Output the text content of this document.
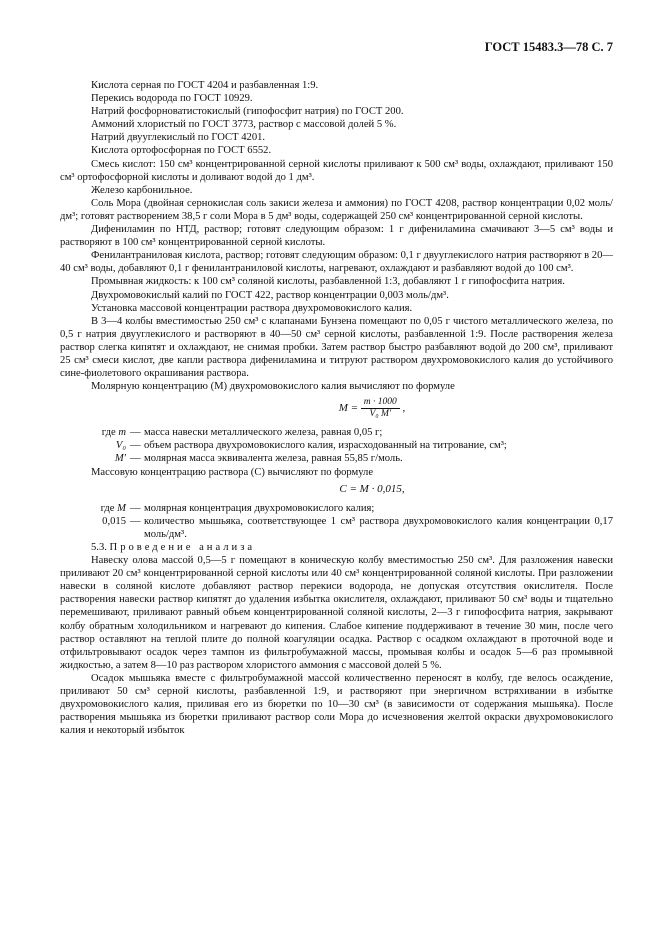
ГОСТ 15483.3—78 С. 7

Кислота серная по ГОСТ 4204 и разбавленная 1:9.

Перекись водорода по ГОСТ 10929.

Натрий фосфорноватистокислый (гипофосфит натрия) по ГОСТ 200.

Аммоний хлористый по ГОСТ 3773, раствор с массовой долей 5 %.

Натрий двууглекислый по ГОСТ 4201.

Кислота ортофосфорная по ГОСТ 6552.

Смесь кислот: 150 см³ концентрированной серной кислоты приливают к 500 см³ воды, охлаждают, приливают 150 см³ ортофосфорной кислоты и доливают водой до 1 дм³.

Железо карбонильное.

Соль Мора (двойная сернокислая соль закиси железа и аммония) по ГОСТ 4208, раствор концентрации 0,02 моль/дм³; готовят растворением 38,5 г соли Мора в 5 дм³ воды, содержащей 250 см³ концентрированной серной кислоты.

Дифениламин по НТД, раствор; готовят следующим образом: 1 г дифениламина смачивают 3—5 см³ воды и растворяют в 100 см³ концентрированной серной кислоты.

Фенилантраниловая кислота, раствор; готовят следующим образом: 0,1 г двууглекислого натрия растворяют в 20—40 см³ воды, добавляют 0,1 г фенилантраниловой кислоты, нагревают, охлаждают и разбавляют водой до 100 см³.

Промывная жидкость: к 100 см³ соляной кислоты, разбавленной 1:3, добавляют 1 г гипофосфита натрия.

Двухромовокислый калий по ГОСТ 422, раствор концентрации 0,003 моль/дм³.

Установка массовой концентрации раствора двухромовокислого калия.

В 3—4 колбы вместимостью 250 см³ с клапанами Бунзена помещают по 0,05 г чистого металлического железа, по 0,5 г натрия двууглекислого и растворяют в 40—50 см³ серной кислоты, разбавленной 1:9. После растворения железа раствор слегка кипятят и охлаждают, не снимая пробки. Затем раствор быстро разбавляют водой до 200 см³, приливают 25 см³ смеси кислот, две капли раствора дифениламина и титруют раствором двухромовокислого калия до устойчивого сине-фиолетового окрашивания раствора.

Молярную концентрацию (M) двухромовокислого калия вычисляют по формуле

$M = \frac{m \cdot 1000}{\text{V₀ M′}}$ ,
где m — масса навески металлического железа, равная 0,05 г;
V₀ — объем раствора двухромовокислого калия, израсходованный на титрование, см³;
M′ — молярная масса эквивалента железа, равная 55,85 г/моль.

Массовую концентрацию раствора (C) вычисляют по формуле

C = M · 0,015,
где M — молярная концентрация двухромовокислого калия;
0,015 — количество мышьяка, соответствующее 1 см³ раствора двухромовокислого калия концентрации 0,17 моль/дм³.

5.3. Проведение анализа

Навеску олова массой 0,5—5 г помещают в коническую колбу вместимостью 250 см³. Для разложения навески приливают 20 см³ концентрированной серной кислоты или 40 см³ концентрированной соляной кислоты. При разложении навески в соляной кислоте добавляют раствор перекиси водорода, не допуская отсутствия окислителя. После растворения навески раствор кипятят до удаления избытка окислителя, охлаждают, приливают 50 см³ воды и тщательно перемешивают, приливают равный объем концентрированной соляной кислоты, 2—3 г гипофосфита натрия, закрывают колбу обратным холодильником и нагревают до кипения. Слабое кипение поддерживают в течение 30 мин, после чего раствор оставляют на теплой плите до полной коагуляции осадка. Раствор с осадком охлаждают в проточной воде и отфильтровывают осадок через тампон из фильтробумажной массы, промывая колбы и осадок 5—6 раз промывной жидкостью, а затем 8—10 раз раствором хлористого аммония с массовой долей 5 %.

Осадок мышьяка вместе с фильтробумажной массой количественно переносят в колбу, где велось осаждение, приливают 50 см³ серной кислоты, разбавленной 1:9, и растворяют при энергичном встряхивании в избытке двухромовокислого калия, приливая его из бюретки по 10—30 см³ (в зависимости от содержания мышьяка). После растворения мышьяка из бюретки приливают раствор соли Мора до исчезновения желтой окраски двухромовокислого калия и некоторый избыток
